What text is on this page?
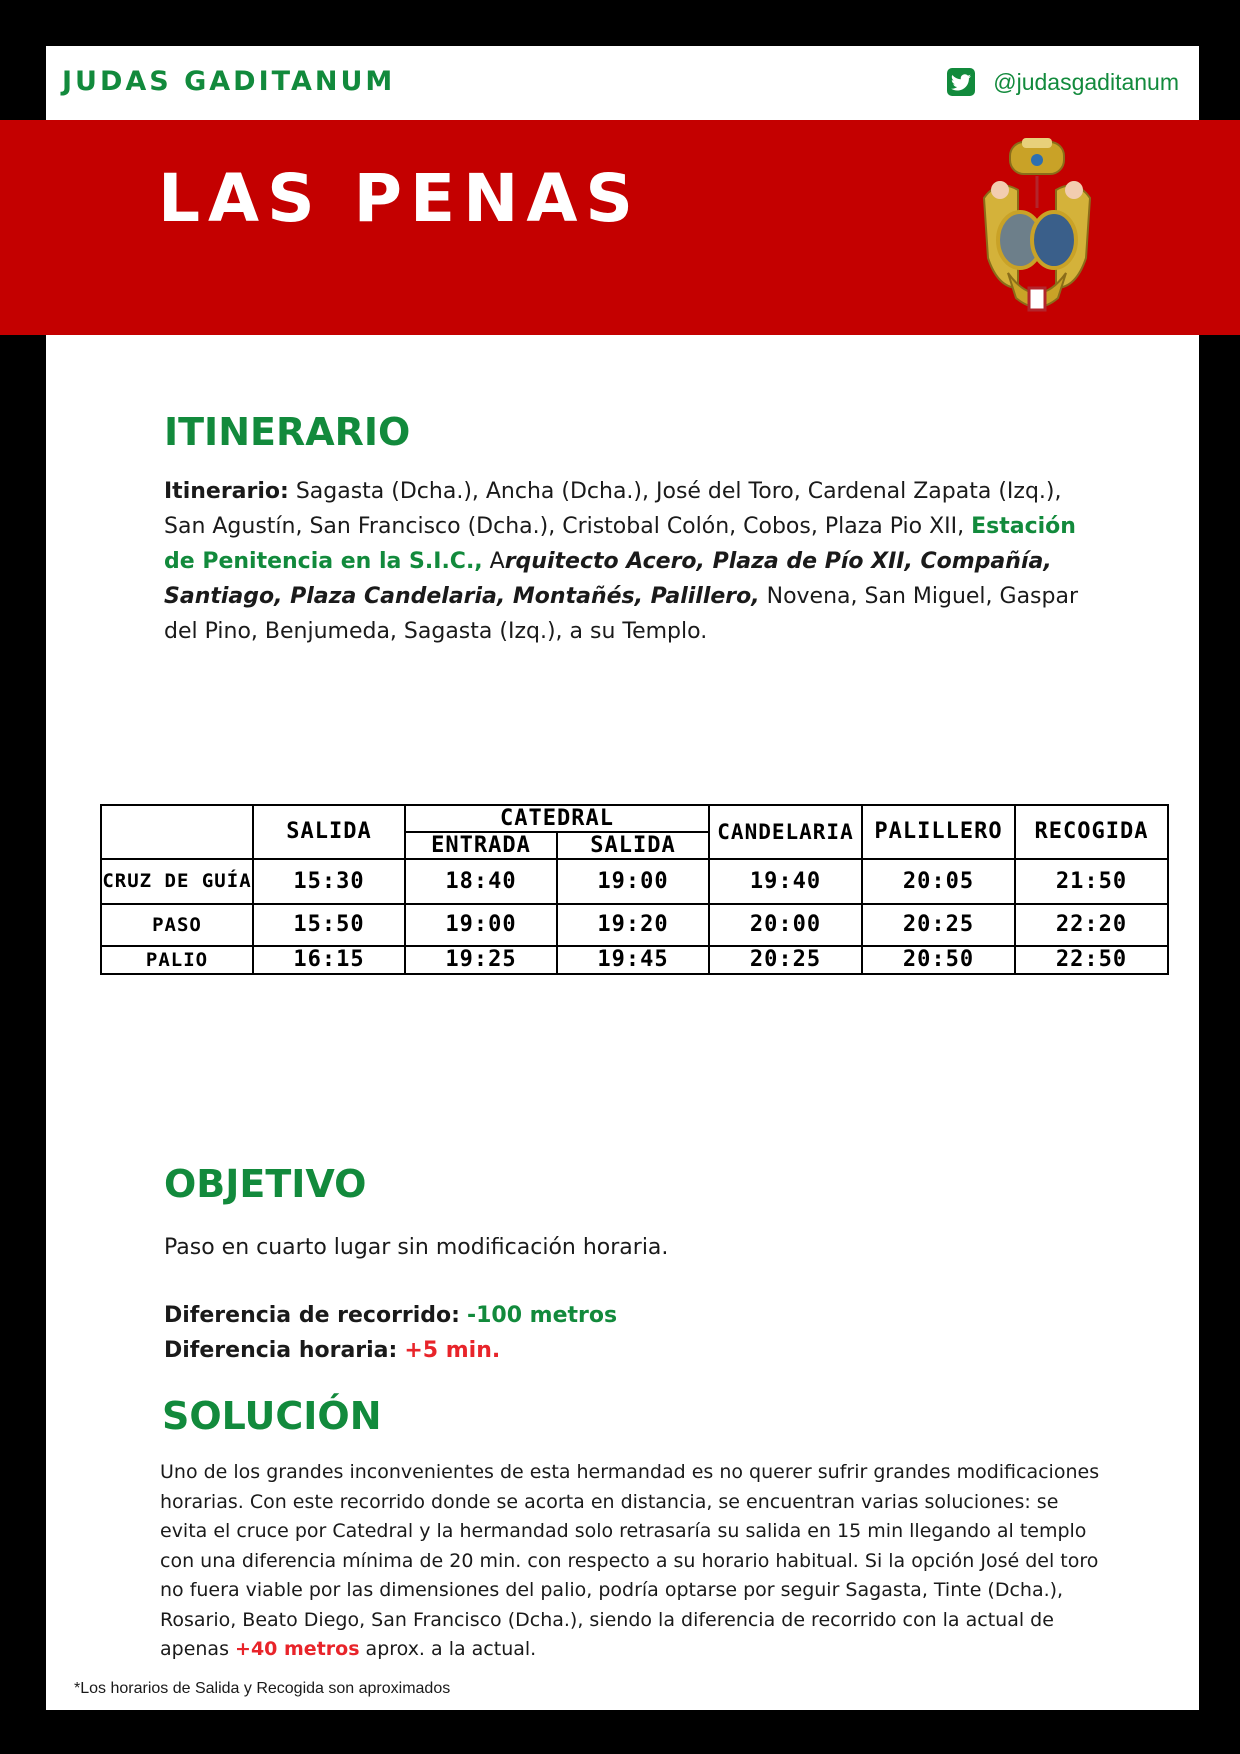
JUDAS GADITANUM	@judasgaditanum
LAS PENAS
ITINERARIO
Itinerario: Sagasta (Dcha.), Ancha (Dcha.), José del Toro, Cardenal Zapata (Izq.), San Agustín, San Francisco (Dcha.), Cristobal Colón, Cobos, Plaza Pio XII, Estación de Penitencia en la S.I.C., Arquitecto Acero, Plaza de Pío XII, Compañía, Santiago, Plaza Candelaria, Montañés, Palillero, Novena, San Miguel, Gaspar del Pino, Benjumeda, Sagasta (Izq.), a su Templo.
	SALIDA	CATEDRAL		CANDELARIA	PALILLERO	RECOGIDA
		ENTRADA	SALIDA			
CRUZ DE GUÍA	15:30	18:40	19:00	19:40	20:05	21:50
PASO	15:50	19:00	19:20	20:00	20:25	22:20
PALIO	16:15	19:25	19:45	20:25	20:50	22:50
OBJETIVO
Paso en cuarto lugar sin modificación horaria.
Diferencia de recorrido: -100 metros
Diferencia horaria: +5 min.
SOLUCIÓN
Uno de los grandes inconvenientes de esta hermandad es no querer sufrir grandes modificaciones horarias. Con este recorrido donde se acorta en distancia, se encuentran varias soluciones: se evita el cruce por Catedral y la hermandad solo retrasaría su salida en 15 min llegando al templo con una diferencia mínima de 20 min. con respecto a su horario habitual. Si la opción José del toro no fuera viable por las dimensiones del palio, podría optarse por seguir Sagasta, Tinte (Dcha.), Rosario, Beato Diego, San Francisco (Dcha.), siendo la diferencia de recorrido con la actual de apenas +40 metros aprox. a la actual.
*Los horarios de Salida y Recogida son aproximados
